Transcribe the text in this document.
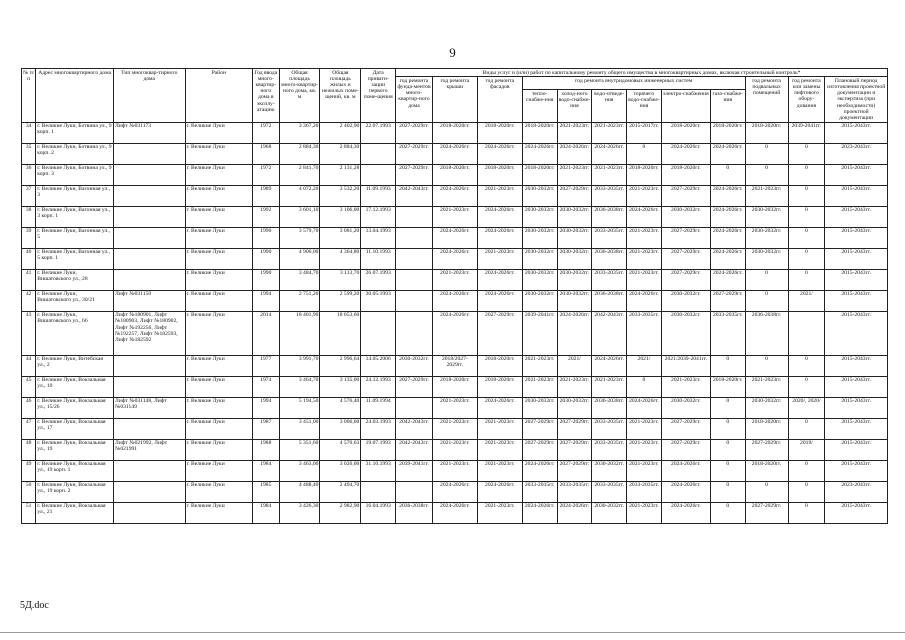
9
№ п/п	Адрес многоквартирного дома	Тип многоквар-тирного дома	Район	Год ввода много-квартир-ного дома в эксплу-атацию	Общая площадь много-квартир-ного дома, кв. м	Общая площадь жилых и нежилых поме-щений, кв. м	Дата привати-зации первого поме-щения	Виды услуг и (или) работ по капитальному ремонту общего имущества в многоквартирных домах, включая строительный контроль*											
								год ремонта фунда-ментов много-квартир-ного дома	год ремонта крыши	год ремонта фасадов	год ремонта внутридомовых инженерных систем						год ремонта подвальных помещений	год ремонта или замены лифтового обору-дования	Плановый период изготовления проектной документации и экспертиза (при необходимости) проектной документации
											тепло-снабже-ния	холод-ного водо-снабже-ния	водо-отведе-ния	горячего водо-снабже-ния	электро-снабжения	газо-снабже-ния			
34	г. Великие Луки, Ботвина ул., 9 корп. 1	Лифт №031173	г. Великие Луки	1972	3 367,20	2 402,90	22.07.1993	2027-2029гг.	2018-2020гг.	2018-2020гг.	2018-2020гг.	2021-2023гг.	2021-2023гг.	2015-2017гг.	2018-2020гг.	2018-2020гг.	2018-2020гг.	2039-2041гг.	2015-2043гг.
35	г. Великие Луки, Ботвина ул., 9 корп. 2		г. Великие Луки	1968	2 884,30	2 884,30		2027-2029гг.	2024-2026гг.	2024-2026гг.	2024-2026гг.	2024-2026гг.	2024-2026гг.	0	2024-2026гг.	2024-2026гг.	0	0	2023-2043гг.
36	г. Великие Луки, Ботвина ул., 9 корп. 3		г. Великие Луки	1972	2 841,70	2 131,28		2027-2029гг.	2018-2020гг.	2018-2020гг.	2018-2020гг.	2021-2023гг.	2021-2023гг.	2018-2020гг.	2018-2020гг.	0	0	0	2015-2043гг.
37	г. Великие Луки, Вагонная ул., 3		г. Великие Луки	1989	4 072,20	3 532,20	11.09.1993	2042-2043гг.	2024-2026гг.	2021-2023гг.	2030-2032гг.	2027-2029гг.	2033-2035гг.	2021-2023гг.	2027-2029гг.	2024-2026гг.	2021-2023гг.	0	2015-2043гг.
38	г. Великие Луки, Вагонная ул., 3 корп. 1		г. Великие Луки	1992	3 601,10	3 106,00	17.12.1993		2021-2023гг.	2024-2026гг.	2030-2032гг.	2030-2032гг.	2036-2038гг.	2024-2026гг.	2030-2032гг.	2024-2026гг.	2030-2032гг.	0	2015-2043гг.
39	г. Великие Луки, Вагонная ул., 5		г. Великие Луки	1990	3 579,70	3 081,20	13.04.1993		2024-2026гг.	2024-2026гг.	2030-2032гг.	2030-2032гг.	2033-2035гг.	2021-2023гг.	2027-2029гг.	2024-2026гг.	2030-2032гг.	0	2015-2043гг.
40	г. Великие Луки, Вагонная ул., 5 корп. 1		г. Великие Луки	1990	4 906,00	4 364,80	11.10.1993		2024-2026гг.	2021-2023гг.	2030-2032гг.	2030-2032гг.	2036-2038гг.	2021-2023гг.	2027-2029гг.	2024-2026гг.	2030-2032гг.	0	2015-2043гг.
41	г. Великие Луки, Вишатовского ул., 28		г. Великие Луки	1990	3 484,70	3 113,70	26.07.1993		2021-2023гг.	2024-2026гг.	2030-2032гг.	2030-2032гг.	2033-2035гг.	2021-2023гг.	2027-2029гг.	2024-2026гг.	0	0	2015-2043гг.
42	г. Великие Луки, Вишатовского ул., 30/21	Лифт №031150	г. Великие Луки	1994	2 751,20	2 599,20	30.05.1993		2024-2026гг.	2024-2026гг.	2030-2032гг.	2030-2032гг.	2036-2038гг.	2024-2026гг.	2030-2032гг.	2027-2029гг.	0	2021/	2015-2043гг.
43	г. Великие Луки, Вишатовского ул., 66	Лифт №180901, Лифт №180903, Лифт №180902, Лифт №192256, Лифт №192257, Лифт №182593, Лифт №182592	г. Великие Луки	2014	18 401,90	18 053,60			2024-2026гг.	2027-2029гг.	2039-2041гг.	2024-2026гг.	2042-2043гг.	2033-2035гг.	2030-2032гг.	2033-2035гг.	2036-2038гг.		2015-2043гг.
44	г. Великие Луки, Витебская ул., 2		г. Великие Луки	1977	3 991,70	2 996,64	14.05.2006	2030-2032гг.	2018/2027-2029гг.	2018-2020гг.	2021-2023гг.	2021/	2024-2026гг.	2021/	2021/2039-2041гг.	0	0	0	2015-2043гг.
45	г. Великие Луки, Вокзальная ул., 10		г. Великие Луки	1974	3 464,70	3 135,00	24.12.1993	2027-2029гг.	2018-2020гг.	2018-2020гг.	2021-2023гг.	2021-2023гг.	2021-2023гг.	0	2021-2023гг.	2018-2020гг.	2021-2023гг.	0	2015-2043гг.
46	г. Великие Луки, Вокзальная ул., 15/26	Лифт №031148, Лифт №031149	г. Великие Луки	1994	5 194,50	4 576,40	11.09.1994		2021-2023гг.	2024-2026гг.	2030-2032гг.	2030-2032гг.	2036-2038гг.	2024-2026гг.	2030-2032гг.	0	2030-2032гг.	2020/, 2020/	2015-2043гг.
47	г. Великие Луки, Вокзальная ул., 17		г. Великие Луки	1987	3 451,00	3 006,60	24.03.1993	2042-2043гг.	2021-2023гг.	2021-2023гг.	2027-2029гг.	2027-2029гг.	2033-2035гг.	2021-2023гг.	2027-2029гг.	0	2018-2020гг.	0	2015-2043гг.
48	г. Великие Луки, Вокзальная ул., 19	Лифт №021992, Лифт №021991	г. Великие Луки	1988	5 351,60	4 570,63	19.07.1993	2042-2043гг.	2021-2023гг.	2021-2023гг.	2027-2029гг.	2027-2029гг.	2033-2035гг.	2021-2023гг.	2027-2029гг.	0	2027-2029гг.	2019/	2015-2043гг.
49	г. Великие Луки, Вокзальная ул., 19 корп. 1		г. Великие Луки	1984	3 463,00	3 026,00	31.10.1993	2039-2041гг.	2021-2023гг.	2021-2023гг.	2024-2026гг.	2027-2029гг.	2030-2032гг.	2021-2023гг.	2024-2026гг.	0	2018-2020гг.	0	2015-2043гг.
50	г. Великие Луки, Вокзальная ул., 19 корп. 2		г. Великие Луки	1985	4 488,40	2 494,70			2024-2026гг.	2024-2026гг.	2033-2035гг.	2033-2035гг.	2033-2035гг.	2033-2035гг.	2024-2026гг.	0	0	0	2023-2043гг.
51	г. Великие Луки, Вокзальная ул., 21		г. Великие Луки	1984	3 426,30	2 982,90	16.04.1993	2036-2038гг.	2024-2026гг.	2021-2023гг.	2024-2026гг.	2024-2026гг.	2030-2032гг.	2021-2023гг.	2024-2026гг.	0	2027-2029гг.	0	2015-2043гг.
5Д.doc
